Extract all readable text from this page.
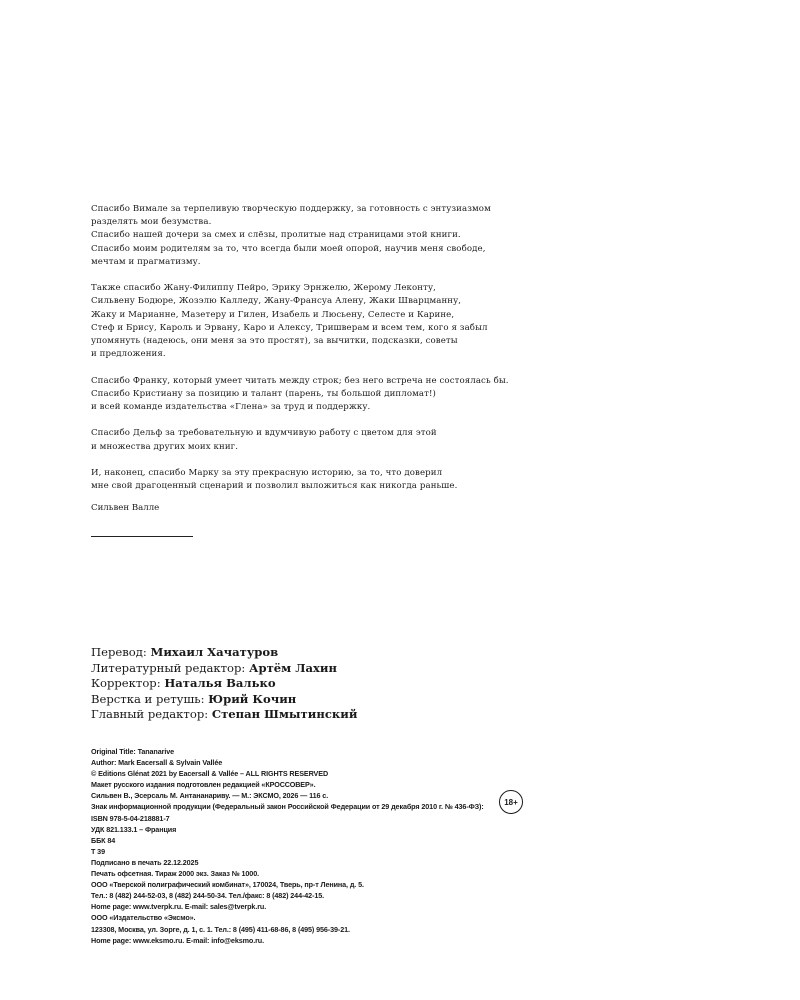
Спасибо Вимале за терпеливую творческую поддержку, за готовность с энтузиазмом
разделять мои безумства.
Спасибо нашей дочери за смех и слёзы, пролитые над страницами этой книги.
Спасибо моим родителям за то, что всегда были моей опорой, научив меня свободе,
мечтам и прагматизму.

Также спасибо Жану-Филиппу Пейро, Эрику Эрнжелю, Жерому Леконту,
Сильвену Бодюре, Жозэлю Калледу, Жану-Франсуа Алену, Жаки Шварцманну,
Жаку и Марианне, Мазетеру и Гилен, Изабель и Люсьену, Селесте и Карине,
Стеф и Брису, Кароль и Эрвану, Каро и Алексу, Тришверам и всем тем, кого я забыл
упомянуть (надеюсь, они меня за это простят), за вычитки, подсказки, советы
и предложения.

Спасибо Франку, который умеет читать между строк; без него встреча не состоялась бы.
Спасибо Кристиану за позицию и талант (парень, ты большой дипломат!)
и всей команде издательства «Глена» за труд и поддержку.

Спасибо Дельф за требовательную и вдумчивую работу с цветом для этой
и множества других моих книг.

И, наконец, спасибо Марку за эту прекрасную историю, за то, что доверил
мне свой драгоценный сценарий и позволил выложиться как никогда раньше.

Сильвен Валле
Перевод: Михаил Хачатуров
Литературный редактор: Артём Лахин
Корректор: Наталья Валько
Верстка и ретушь: Юрий Кочин
Главный редактор: Степан Шмытинский
Original Title: Tananarive
Author: Mark Eacersall & Sylvain Vallée
© Editions Glénat 2021 by Eacersall & Vallée – ALL RIGHTS RESERVED
Макет русского издания подготовлен редакцией «КРОССОВЕР».
Сильвен В., Эсерсаль М. Антананариву. — М.: ЭКСМО, 2026 — 116 с.
Знак информационной продукции (Федеральный закон Российской Федерации от 29 декабря 2010 г. № 436-ФЗ):
ISBN 978-5-04-218881-7
УДК 821.133.1 – Франция
ББК 84
Т 39
Подписано в печать 22.12.2025
Печать офсетная. Тираж 2000 экз. Заказ № 1000.
ООО «Тверской полиграфический комбинат», 170024, Тверь, пр-т Ленина, д. 5.
Тел.: 8 (482) 244-52-03, 8 (482) 244-50-34. Тел./факс: 8 (482) 244-42-15.
Home page: www.tverpk.ru. E-mail: sales@tverpk.ru.
ООО «Издательство «Эксмо».
123308, Москва, ул. Зорге, д. 1, с. 1. Тел.: 8 (495) 411-68-86, 8 (495) 956-39-21.
Home page: www.eksmo.ru. E-mail: info@eksmo.ru.
18+
